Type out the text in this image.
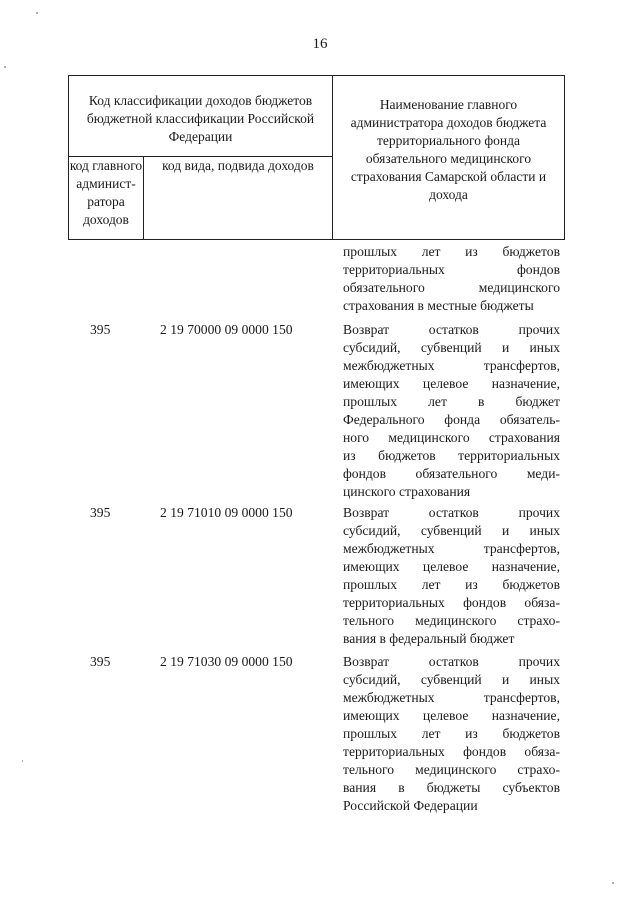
16
Код классификации доходов бюджетов бюджетной классификации Российской Федерации		Наименование главного администратора доходов бюджета территориального фонда обязательного медицинского страхования Самарской области и дохода
код главного админист-ратора доходов	код вида, подвида доходов	
прошлых лет из бюджетов
территориальных фондов
обязательного медицинского
страхования в местные бюджеты
395	2 19 70000 09 0000 150	Возврат остатков прочих
субсидий, субвенций и иных
межбюджетных трансфертов,
имеющих целевое назначение,
прошлых лет в бюджет
Федерального фонда обязатель-
ного медицинского страхования
из бюджетов территориальных
фондов обязательного меди-
цинского страхования
395	2 19 71010 09 0000 150	Возврат остатков прочих
субсидий, субвенций и иных
межбюджетных трансфертов,
имеющих целевое назначение,
прошлых лет из бюджетов
территориальных фондов обяза-
тельного медицинского страхо-
вания в федеральный бюджет
395	2 19 71030 09 0000 150	Возврат остатков прочих
субсидий, субвенций и иных
межбюджетных трансфертов,
имеющих целевое назначение,
прошлых лет из бюджетов
территориальных фондов обяза-
тельного медицинского страхо-
вания в бюджеты субъектов
Российской Федерации
